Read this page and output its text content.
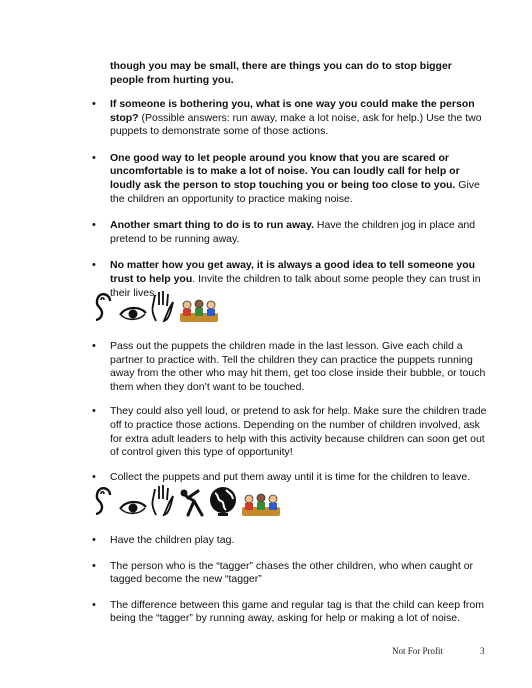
though you may be small, there are things you can do to stop bigger people from hurting you.

• If someone is bothering you, what is one way you could make the person stop? (Possible answers: run away, make a lot noise, ask for help.) Use the two puppets to demonstrate some of those actions.
• One good way to let people around you know that you are scared or uncomfortable is to make a lot of noise. You can loudly call for help or loudly ask the person to stop touching you or being too close to you. Give the children an opportunity to practice making noise.
• Another smart thing to do is to run away. Have the children jog in place and pretend to be running away.
• No matter how you get away, it is always a good idea to tell someone you trust to help you. Invite the children to talk about some people they can trust in their lives.
• Pass out the puppets the children made in the last lesson. Give each child a partner to practice with. Tell the children they can practice the puppets running away from the other who may hit them, get too close inside their bubble, or touch them when they don’t want to be touched.
• They could also yell loud, or pretend to ask for help. Make sure the children trade off to practice those actions. Depending on the number of children involved, ask for extra adult leaders to help with this activity because children can soon get out of control given this type of opportunity!
• Collect the puppets and put them away until it is time for the children to leave.
• Have the children play tag.
• The person who is the “tagger” chases the other children, who when caught or tagged become the new “tagger”
• The difference between this game and regular tag is that the child can keep from being the “tagger” by running away, asking for help or making a lot of noise.
Not For Profit	3
